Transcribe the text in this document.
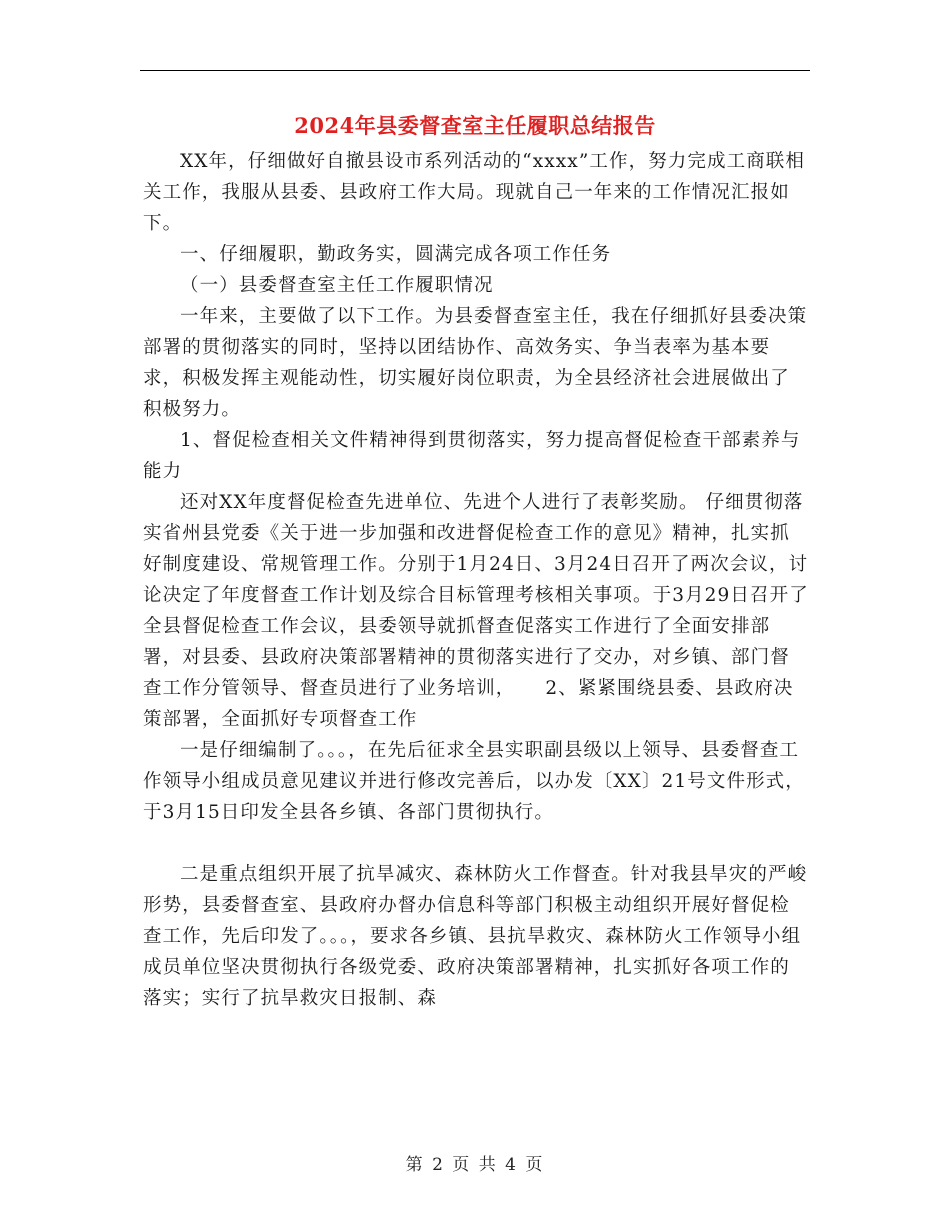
2024年县委督查室主任履职总结报告

XX年，仔细做好自撤县设市系列活动的“xxxx”工作，努力完成工商联相关工作，我服从县委、县政府工作大局。现就自己一年来的工作情况汇报如下。

一、仔细履职，勤政务实，圆满完成各项工作任务

（一）县委督查室主任工作履职情况

一年来，主要做了以下工作。为县委督查室主任，我在仔细抓好县委决策部署的贯彻落实的同时，坚持以团结协作、高效务实、争当表率为基本要求，积极发挥主观能动性，切实履好岗位职责，为全县经济社会进展做出了积极努力。

1、督促检查相关文件精神得到贯彻落实，努力提高督促检查干部素养与能力

还对XX年度督促检查先进单位、先进个人进行了表彰奖励。 仔细贯彻落实省州县党委《关于进一步加强和改进督促检查工作的意见》精神，扎实抓好制度建设、常规管理工作。分别于1月24日、3月24日召开了两次会议，讨论决定了年度督查工作计划及综合目标管理考核相关事项。于3月29日召开了全县督促检查工作会议，县委领导就抓督查促落实工作进行了全面安排部署，对县委、县政府决策部署精神的贯彻落实进行了交办，对乡镇、部门督查工作分管领导、督查员进行了业务培训，　　2、紧紧围绕县委、县政府决策部署，全面抓好专项督查工作

一是仔细编制了。。。，在先后征求全县实职副县级以上领导、县委督查工作领导小组成员意见建议并进行修改完善后，以办发〔XX〕21号文件形式，于3月15日印发全县各乡镇、各部门贯彻执行。

二是重点组织开展了抗旱减灾、森林防火工作督查。针对我县旱灾的严峻形势，县委督查室、县政府办督办信息科等部门积极主动组织开展好督促检查工作，先后印发了。。。，要求各乡镇、县抗旱救灾、森林防火工作领导小组成员单位坚决贯彻执行各级党委、政府决策部署精神，扎实抓好各项工作的落实；实行了抗旱救灾日报制、森

第 2 页 共 4 页
